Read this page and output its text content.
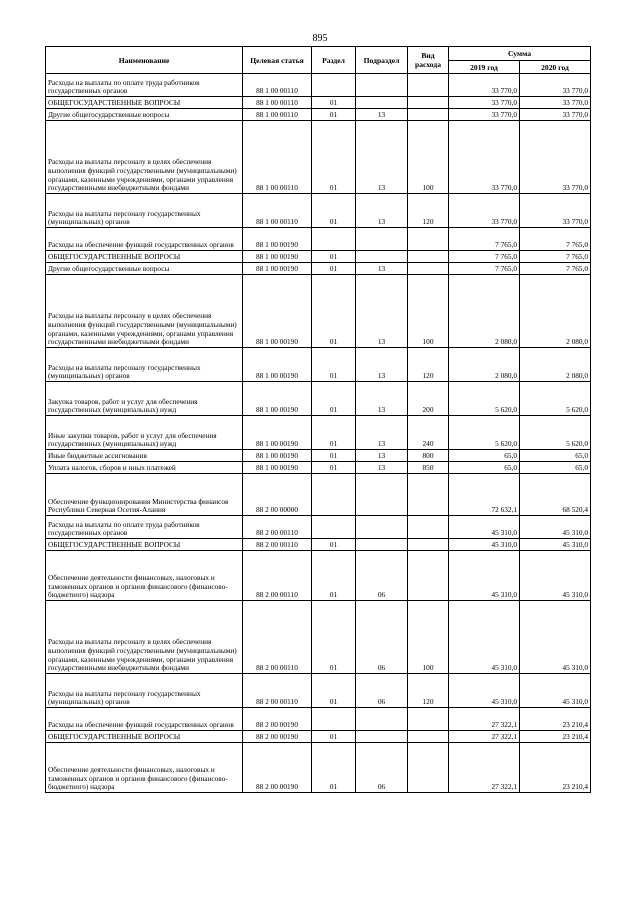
895
Наименование	Целевая статья	Раздел	Подраздел	Вид расхода	Сумма	
					2019 год	2020 год
Расходы на выплаты по оплате труда работников государственных органов	88 1 00 00110				33 770,0	33 770,0
ОБЩЕГОСУДАРСТВЕННЫЕ ВОПРОСЫ	88 1 00 00110	01			33 770,0	33 770,0
Другие общегосударственные вопросы	88 1 00 00110	01	13		33 770,0	33 770,0
Расходы на выплаты персоналу в целях обеспечения выполнения функций государственными (муниципальными) органами, казенными учреждениями, органами управления государственными внебюджетными фондами	88 1 00 00110	01	13	100	33 770,0	33 770,0
Расходы на выплаты персоналу государственных (муниципальных) органов	88 1 00 00110	01	13	120	33 770,0	33 770,0
Расходы на обеспечение функций государственных органов	88 1 00 00190				7 765,0	7 765,0
ОБЩЕГОСУДАРСТВЕННЫЕ ВОПРОСЫ	88 1 00 00190	01			7 765,0	7 765,0
Другие общегосударственные вопросы	88 1 00 00190	01	13		7 765,0	7 765,0
Расходы на выплаты персоналу в целях обеспечения выполнения функций государственными (муниципальными) органами, казенными учреждениями, органами управления государственными внебюджетными фондами	88 1 00 00190	01	13	100	2 080,0	2 080,0
Расходы на выплаты персоналу государственных (муниципальных) органов	88 1 00 00190	01	13	120	2 080,0	2 080,0
Закупка товаров, работ и услуг для обеспечения государственных (муниципальных) нужд	88 1 00 00190	01	13	200	5 620,0	5 620,0
Иные закупки товаров, работ и услуг для обеспечения государственных (муниципальных) нужд	88 1 00 00190	01	13	240	5 620,0	5 620,0
Иные бюджетные ассигнования	88 1 00 00190	01	13	800	65,0	65,0
Уплата налогов, сборов и иных платежей	88 1 00 00190	01	13	850	65,0	65,0
Обеспечение функционирования Министерства финансов Республики Северная Осетия-Алания	88 2 00 00000				72 632,1	68 520,4
Расходы на выплаты по оплате труда работников государственных органов	88 2 00 00110				45 310,0	45 310,0
ОБЩЕГОСУДАРСТВЕННЫЕ ВОПРОСЫ	88 2 00 00110	01			45 310,0	45 310,0
Обеспечение деятельности финансовых, налоговых и таможенных органов и органов финансового (финансово-бюджетного) надзора	88 2 00 00110	01	06		45 310,0	45 310,0
Расходы на выплаты персоналу в целях обеспечения выполнения функций государственными (муниципальными) органами, казенными учреждениями, органами управления государственными внебюджетными фондами	88 2 00 00110	01	06	100	45 310,0	45 310,0
Расходы на выплаты персоналу государственных (муниципальных) органов	88 2 00 00110	01	06	120	45 310,0	45 310,0
Расходы на обеспечение функций государственных органов	88 2 00 00190				27 322,1	23 210,4
ОБЩЕГОСУДАРСТВЕННЫЕ ВОПРОСЫ	88 2 00 00190	01			27 322,1	23 210,4
Обеспечение деятельности финансовых, налоговых и таможенных органов и органов финансового (финансово-бюджетного) надзора	88 2 00 00190	01	06		27 322,1	23 210,4
